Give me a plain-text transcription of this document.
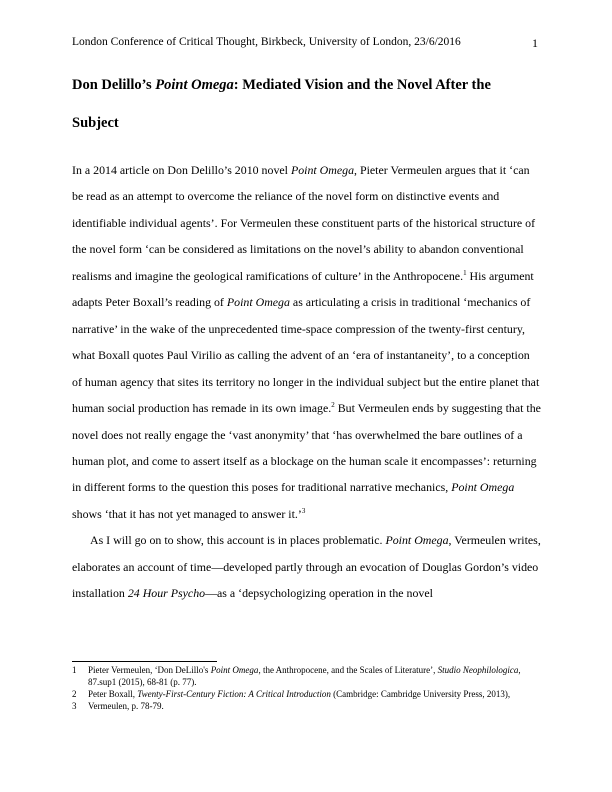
London Conference of Critical Thought, Birkbeck, University of London, 23/6/2016	1
Don Delillo’s Point Omega: Mediated Vision and the Novel After the Subject

In a 2014 article on Don Delillo’s 2010 novel Point Omega, Pieter Vermeulen argues that it ‘can be read as an attempt to overcome the reliance of the novel form on distinctive events and identifiable individual agents’. For Vermeulen these constituent parts of the historical structure of the novel form ‘can be considered as limitations on the novel’s ability to abandon conventional realisms and imagine the geological ramifications of culture’ in the Anthropocene.$^1$ His argument adapts Peter Boxall’s reading of Point Omega as articulating a crisis in traditional ‘mechanics of narrative’ in the wake of the unprecedented time-space compression of the twenty-first century, what Boxall quotes Paul Virilio as calling the advent of an ‘era of instantaneity’, to a conception of human agency that sites its territory no longer in the individual subject but the entire planet that human social production has remade in its own image.$^2$ But Vermeulen ends by suggesting that the novel does not really engage the ‘vast anonymity’ that ‘has overwhelmed the bare outlines of a human plot, and come to assert itself as a blockage on the human scale it encompasses’: returning in different forms to the question this poses for traditional narrative mechanics, Point Omega shows ‘that it has not yet managed to answer it.’$^3$

As I will go on to show, this account is in places problematic. Point Omega, Vermeulen writes, elaborates an account of time—developed partly through an evocation of Douglas Gordon’s video installation 24 Hour Psycho—as a ‘depsychologizing operation in the novel

1	Pieter Vermeulen, ‘Don DeLillo's Point Omega, the Anthropocene, and the Scales of Literature’, Studio Neophilologica, 87.sup1 (2015), 68-81 (p. 77).

2	Peter Boxall, Twenty-First-Century Fiction: A Critical Introduction (Cambridge: Cambridge University Press, 2013),

3	Vermeulen, p. 78-79.
